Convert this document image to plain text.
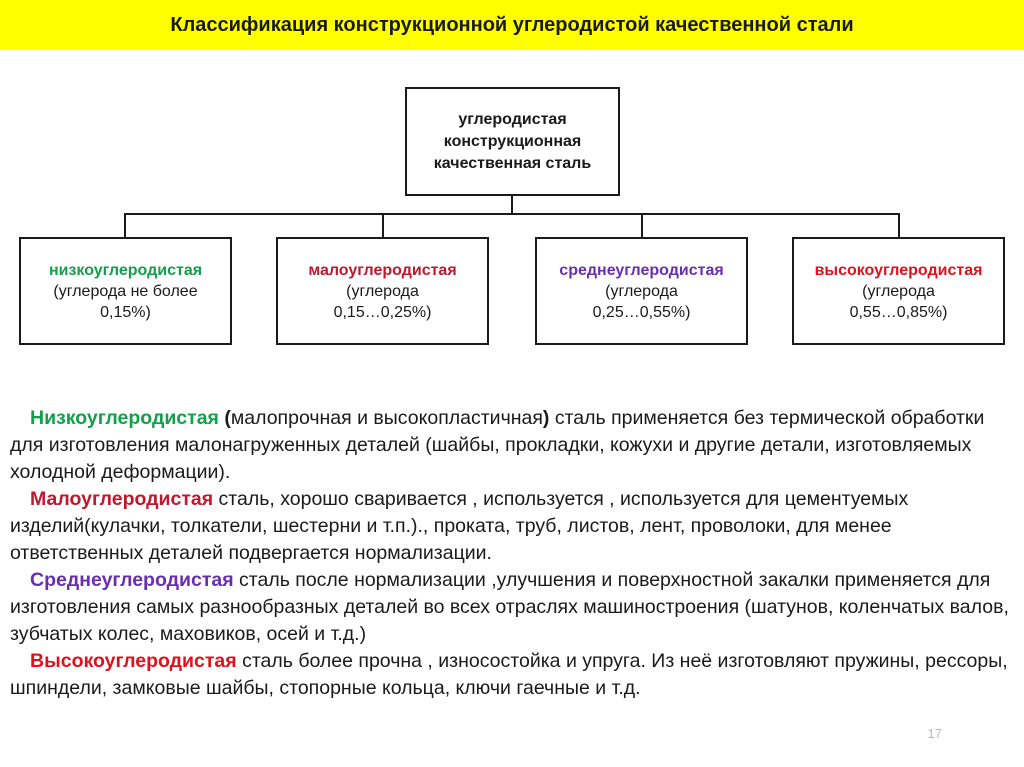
Классификация конструкционной углеродистой качественной стали
углеродистая
конструкционная
качественная сталь
низкоуглеродистая
(углерода не более
0,15%)
малоуглеродистая
(углерода
0,15…0,25%)
среднеуглеродистая
(углерода
0,25…0,55%)
высокоуглеродистая
(углерода
0,55…0,85%)

Низкоуглеродистая (малопрочная и высокопластичная) сталь применяется без термической обработки для изготовления малонагруженных деталей (шайбы, прокладки, кожухи и другие детали, изготовляемых холодной деформации).

Малоуглеродистая сталь, хорошо сваривается , используется , используется для цементуемых изделий(кулачки, толкатели, шестерни и т.п.)., проката, труб, листов, лент, проволоки, для менее ответственных деталей подвергается нормализации.

Среднеуглеродистая сталь после нормализации ,улучшения и поверхностной закалки применяется для изготовления самых разнообразных деталей во всех отраслях машиностроения (шатунов, коленчатых валов, зубчатых колес, маховиков, осей и т.д.)

Высокоуглеродистая сталь более прочна , износостойка и упруга. Из неё изготовляют пружины, рессоры, шпиндели, замковые шайбы, стопорные кольца, ключи гаечные и т.д.

17
